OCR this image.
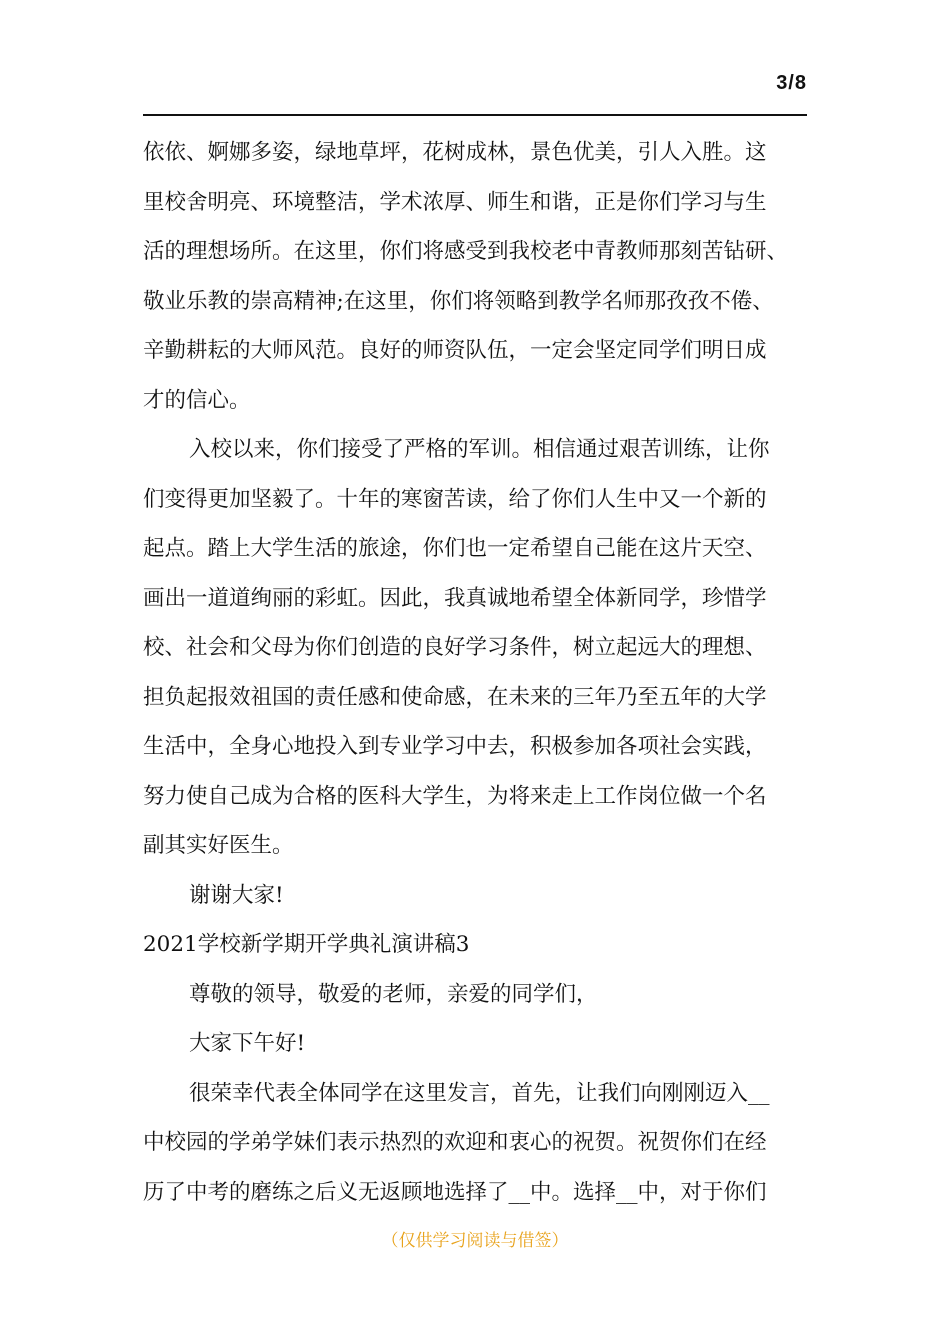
3/8
依依、婀娜多姿，绿地草坪，花树成林，景色优美，引人入胜。这
里校舍明亮、环境整洁，学术浓厚、师生和谐，正是你们学习与生
活的理想场所。在这里，你们将感受到我校老中青教师那刻苦钻研、
敬业乐教的崇高精神;在这里，你们将领略到教学名师那孜孜不倦、
辛勤耕耘的大师风范。良好的师资队伍，一定会坚定同学们明日成
才的信心。
入校以来，你们接受了严格的军训。相信通过艰苦训练，让你
们变得更加坚毅了。十年的寒窗苦读，给了你们人生中又一个新的
起点。踏上大学生活的旅途，你们也一定希望自己能在这片天空、
画出一道道绚丽的彩虹。因此，我真诚地希望全体新同学，珍惜学
校、社会和父母为你们创造的良好学习条件，树立起远大的理想、
担负起报效祖国的责任感和使命感，在未来的三年乃至五年的大学
生活中，全身心地投入到专业学习中去，积极参加各项社会实践，
努力使自己成为合格的医科大学生，为将来走上工作岗位做一个名
副其实好医生。
谢谢大家!
2021学校新学期开学典礼演讲稿3
尊敬的领导，敬爱的老师，亲爱的同学们，
大家下午好!
很荣幸代表全体同学在这里发言，首先，让我们向刚刚迈入__
中校园的学弟学妹们表示热烈的欢迎和衷心的祝贺。祝贺你们在经
历了中考的磨练之后义无返顾地选择了__中。选择__中，对于你们
（仅供学习阅读与借签）
